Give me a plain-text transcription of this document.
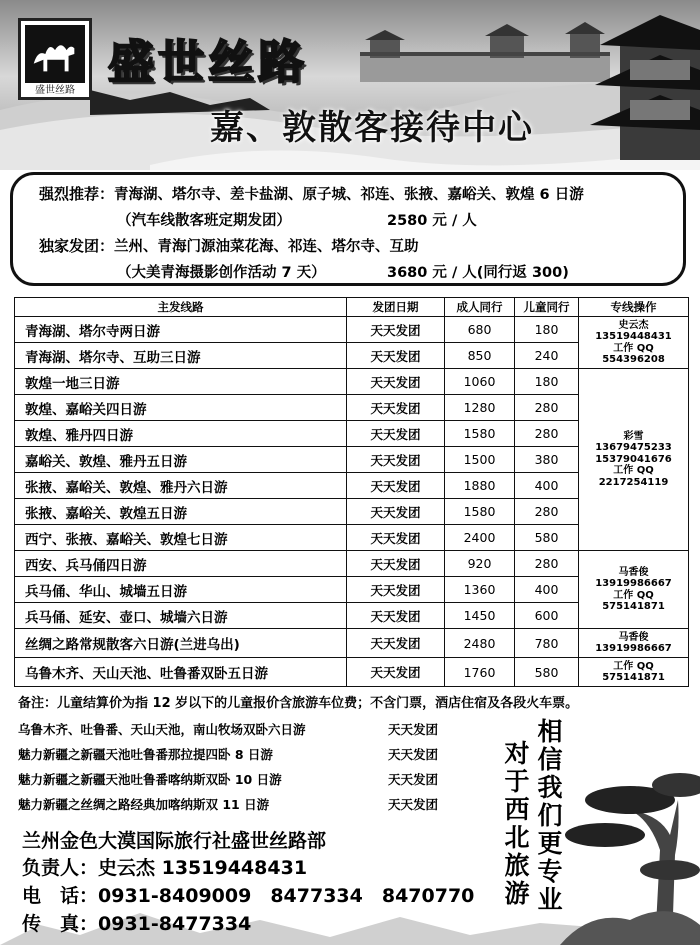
盛世丝路
盛世丝路
嘉、敦散客接待中心
强烈推荐：青海湖、塔尔寺、差卡盐湖、原子城、祁连、张掖、嘉峪关、敦煌 6 日游
（汽车线散客班定期发团）	2580 元 / 人
独家发团：兰州、青海门源油菜花海、祁连、塔尔寺、互助
（大美青海摄影创作活动 7 天）	3680 元 / 人(同行返 300)
主发线路	发团日期	成人同行	儿童同行	专线操作
青海湖、塔尔寺两日游	天天发团	680	180	史云杰
13519448431
工作 QQ
554396208

青海湖、塔尔寺、互助三日游	天天发团	850	240	
敦煌一地三日游	天天发团	1060	180	彩雪
13679475233
15379041676
工作 QQ
2217254119

敦煌、嘉峪关四日游	天天发团	1280	280	
敦煌、雅丹四日游	天天发团	1580	280	
嘉峪关、敦煌、雅丹五日游	天天发团	1500	380	
张掖、嘉峪关、敦煌、雅丹六日游	天天发团	1880	400	
张掖、嘉峪关、敦煌五日游	天天发团	1580	280	
西宁、张掖、嘉峪关、敦煌七日游	天天发团	2400	580	
西安、兵马俑四日游	天天发团	920	280	马香俊
13919986667
工作 QQ
575141871

兵马俑、华山、城墙五日游	天天发团	1360	400	
兵马俑、延安、壶口、城墙六日游	天天发团	1450	600	
丝绸之路常规散客六日游(兰进乌出)	天天发团	2480	780	马香俊
13919986667

乌鲁木齐、天山天池、吐鲁番双卧五日游	天天发团	1760	580	工作 QQ
575141871
备注：儿童结算价为指 12 岁以下的儿童报价含旅游车位费；不含门票，酒店住宿及各段火车票。
乌鲁木齐、吐鲁番、天山天池，南山牧场双卧六日游	天天发团
魅力新疆之新疆天池吐鲁番那拉提四卧 8 日游	天天发团
魅力新疆之新疆天池吐鲁番喀纳斯双卧 10 日游	天天发团
魅力新疆之丝绸之路经典加喀纳斯双 11 日游	天天发团	相信我们更专业
对于西北旅游
兰州金色大漠国际旅行社盛世丝路部
负责人：史云杰 13519448431
电　话：0931-8409009　8477334　8470770
传　真：0931-8477334
